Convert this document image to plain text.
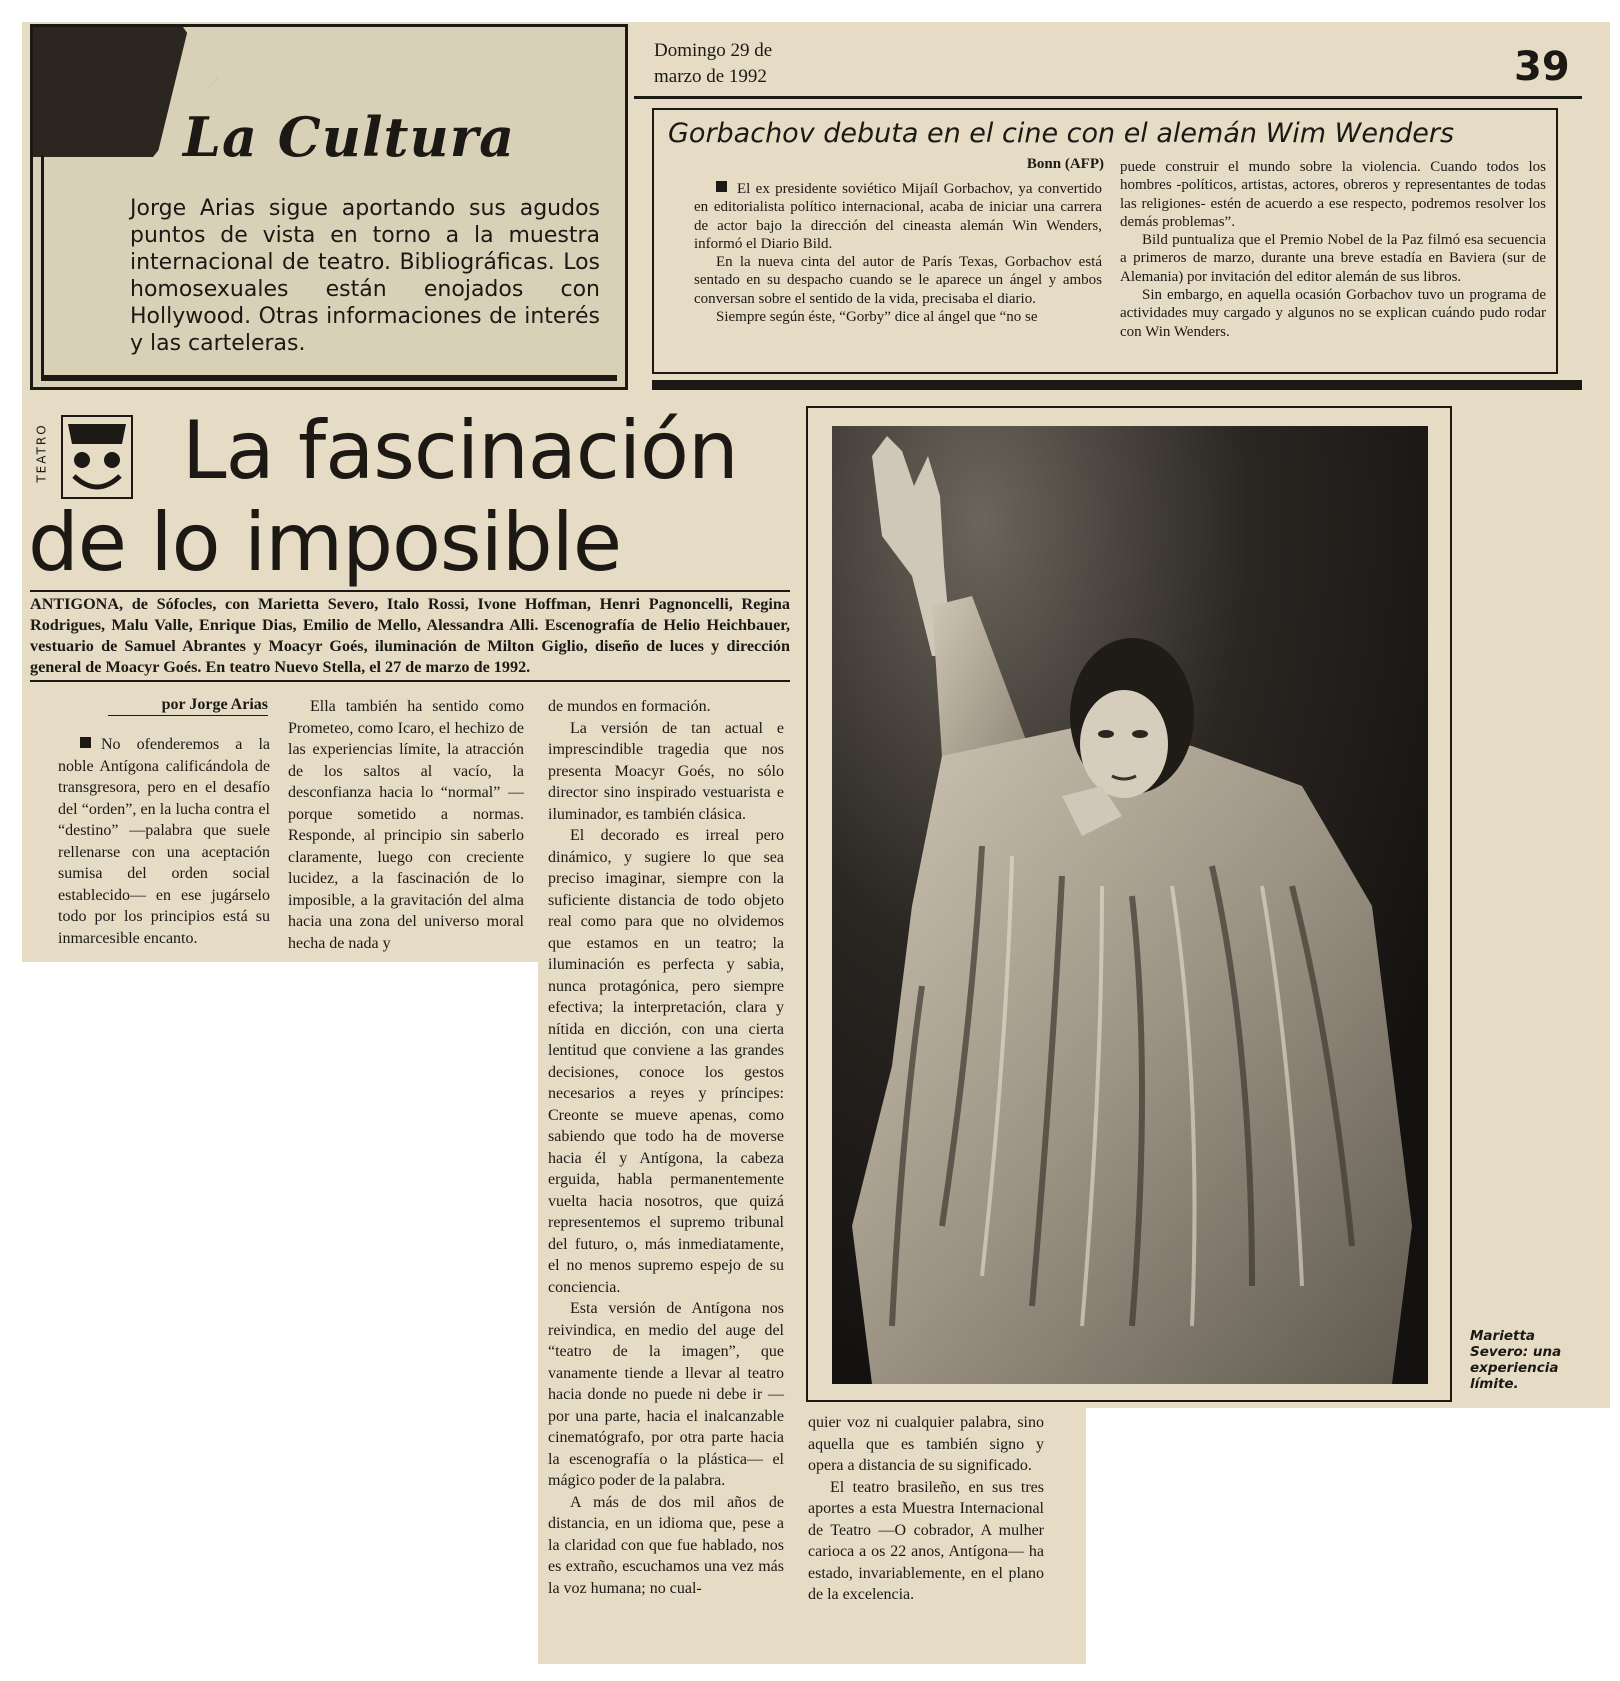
La Cultura
Jorge Arias sigue aportando sus agudos puntos de vista en torno a la muestra internacional de teatro. Bibliográficas. Los homosexuales están enojados con Hollywood. Otras informaciones de interés y las carteleras.
Domingo 29 de
marzo de 1992	39
Gorbachov debuta en el cine con el alemán Wim Wenders
Bonn (AFP)

El ex presidente soviético Mijaíl Gorbachov, ya convertido en editorialista político internacional, acaba de iniciar una carrera de actor bajo la dirección del cineasta alemán Win Wenders, informó el Diario Bild.

En la nueva cinta del autor de París Texas, Gorbachov está sentado en su despacho cuando se le aparece un ángel y ambos conversan sobre el sentido de la vida, precisaba el diario.

Siempre según éste, “Gorby” dice al ángel que “no se

puede construir el mundo sobre la violencia. Cuando todos los hombres -políticos, artistas, actores, obreros y representantes de todas las religiones- estén de acuerdo a ese respecto, podremos resolver los demás problemas”.

Bild puntualiza que el Premio Nobel de la Paz filmó esa secuencia a primeros de marzo, durante una breve estadía en Baviera (sur de Alemania) por invitación del editor alemán de sus libros.

Sin embargo, en aquella ocasión Gorbachov tuvo un programa de actividades muy cargado y algunos no se explican cuándo pudo rodar con Win Wenders.

TEATRO La fascinación
de lo imposible
ANTIGONA, de Sófocles, con Marietta Severo, Italo Rossi, Ivone Hoffman, Henri Pagnoncelli, Regina Rodrigues, Malu Valle, Enrique Dias, Emilio de Mello, Alessandra Alli. Escenografía de Helio Heichbauer, vestuario de Samuel Abrantes y Moacyr Goés, iluminación de Milton Giglio, diseño de luces y dirección general de Moacyr Goés. En teatro Nuevo Stella, el 27 de marzo de 1992.
por Jorge Arias

No ofenderemos a la noble Antígona calificándola de transgresora, pero en el desafío del “orden”, en la lucha contra el “destino” —palabra que suele rellenarse con una aceptación sumisa del orden social establecido— en ese jugárselo todo por los principios está su inmarcesible encanto.

Ella también ha sentido como Prometeo, como Icaro, el hechizo de las experiencias límite, la atracción de los saltos al vacío, la desconfianza hacia lo “normal” —porque sometido a normas. Responde, al principio sin saberlo claramente, luego con creciente lucidez, a la fascinación de lo imposible, a la gravitación del alma hacia una zona del universo moral hecha de nada y

de mundos en formación.

La versión de tan actual e imprescindible tragedia que nos presenta Moacyr Goés, no sólo director sino inspirado vestuarista e iluminador, es también clásica.

El decorado es irreal pero dinámico, y sugiere lo que sea preciso imaginar, siempre con la suficiente distancia de todo objeto real como para que no olvidemos que estamos en un teatro; la iluminación es perfecta y sabia, nunca protagónica, pero siempre efectiva; la interpretación, clara y nítida en dicción, con una cierta lentitud que conviene a las grandes decisiones, conoce los gestos necesarios a reyes y príncipes: Creonte se mueve apenas, como sabiendo que todo ha de moverse hacia él y Antígona, la cabeza erguida, habla permanentemente vuelta hacia nosotros, que quizá representemos el supremo tribunal del futuro, o, más inmediatamente, el no menos supremo espejo de su conciencia.

Esta versión de Antígona nos reivindica, en medio del auge del “teatro de la imagen”, que vanamente tiende a llevar al teatro hacia donde no puede ni debe ir —por una parte, hacia el inalcanzable cinematógrafo, por otra parte hacia la escenografía o la plástica— el mágico poder de la palabra.

A más de dos mil años de distancia, en un idioma que, pese a la claridad con que fue hablado, nos es extraño, escuchamos una vez más la voz humana; no cual-

quier voz ni cualquier palabra, sino aquella que es también signo y opera a distancia de su significado.

El teatro brasileño, en sus tres aportes a esta Muestra Internacional de Teatro —O cobrador, A mulher carioca a os 22 anos, Antígona— ha estado, invariablemente, en el plano de la excelencia.

Marietta Severo: una experiencia límite.
